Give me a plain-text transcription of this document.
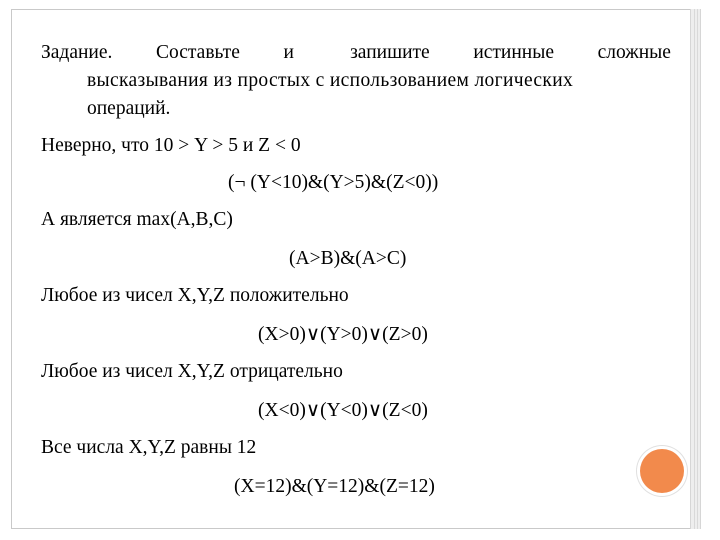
Задание. Составьте и	запишите истинные сложные
высказывания из простых с использованием логических
операций.

Неверно, что 10 > Y > 5 и Z < 0

(¬ (Y<10)&(Y>5)&(Z<0))

А является max(A,B,C)

(A>B)&(A>C)

Любое из чисел X,Y,Z положительно

(X>0)∨(Y>0)∨(Z>0)

Любое из чисел X,Y,Z отрицательно

(X<0)∨(Y<0)∨(Z<0)

Все числа X,Y,Z равны 12

(X=12)&(Y=12)&(Z=12)
